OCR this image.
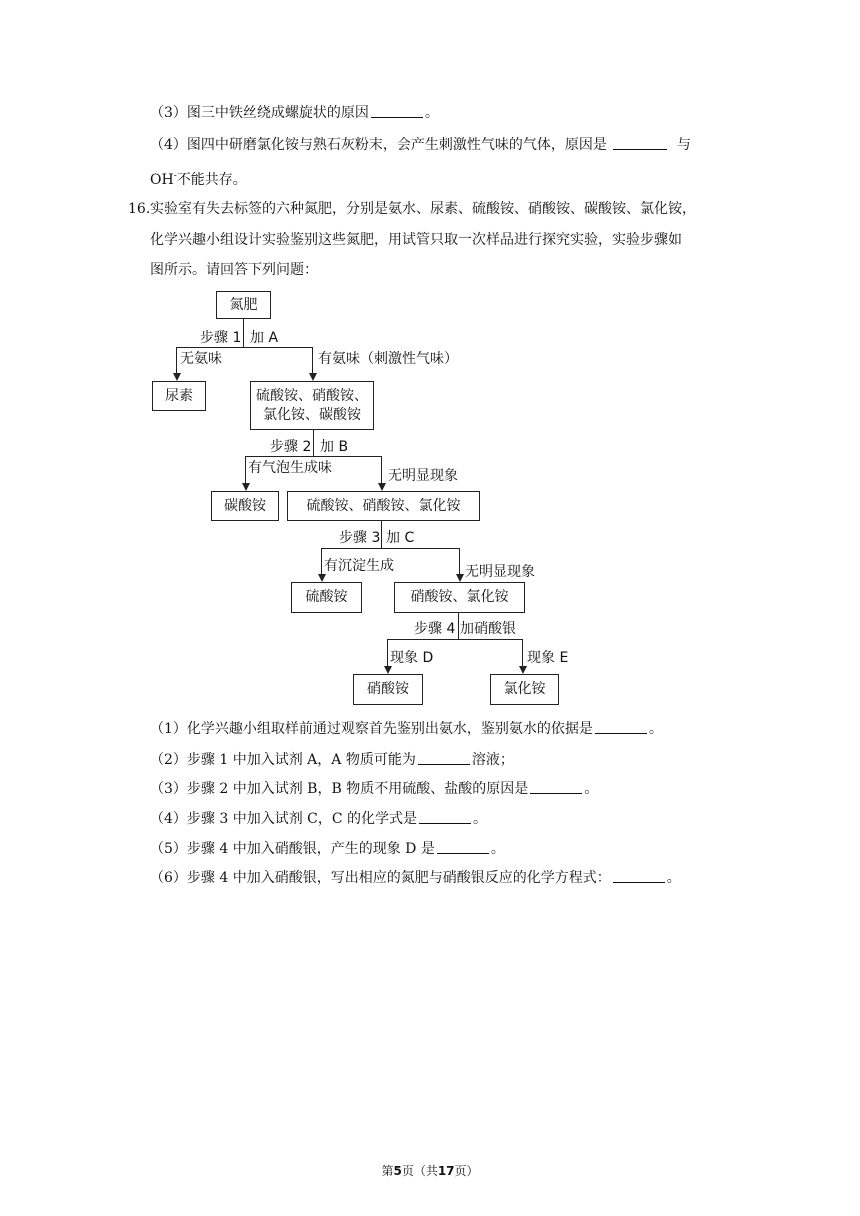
（3）图三中铁丝绕成螺旋状的原因	。
（4）图四中研磨氯化铵与熟石灰粉末，会产生刺激性气味的气体，原因是	与
OH-不能共存。
16. 实验室有失去标签的六种氮肥，分别是氨水、尿素、硫酸铵、硝酸铵、碳酸铵、氯化铵，
化学兴趣小组设计实验鉴别这些氮肥，用试管只取一次样品进行探究实验，实验步骤如
图所示。请回答下列问题：
氮肥
步骤 1 加 A
无氨味	有氨味（刺激性气味）
尿素	硫酸铵、硝酸铵、
氯化铵、碳酸铵
步骤 2 加 B
有气泡生成味	无明显现象
碳酸铵	硫酸铵、硝酸铵、氯化铵
步骤 3 加 C
有沉淀生成	无明显现象
硫酸铵	硝酸铵、氯化铵
步骤 4 加硝酸银
现象 D	现象 E
硝酸铵	氯化铵
（1）化学兴趣小组取样前通过观察首先鉴别出氨水，鉴别氨水的依据是	。
（2）步骤 1 中加入试剂 A，A 物质可能为	溶液；
（3）步骤 2 中加入试剂 B，B 物质不用硫酸、盐酸的原因是	。
（4）步骤 3 中加入试剂 C，C 的化学式是	。
（5）步骤 4 中加入硝酸银，产生的现象 D 是	。
（6）步骤 4 中加入硝酸银，写出相应的氮肥与硝酸银反应的化学方程式：	。
第5页（共17页）
